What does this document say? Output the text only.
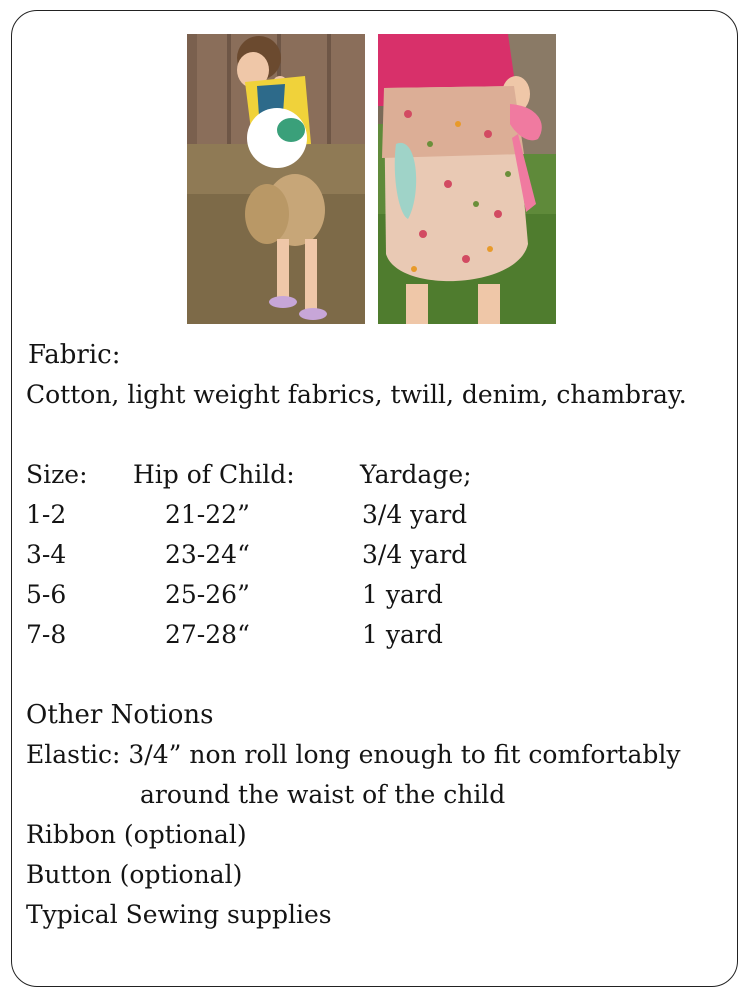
Fabric:
Cotton, light weight fabrics, twill, denim, chambray.
Size: Hip of Child:	Yardage;
1-2	21-22”	3/4 yard
3-4	23-24“	3/4 yard
5-6	25-26”	1 yard
7-8	27-28“	1 yard
Other Notions
Elastic: 3/4” non roll long enough to fit comfortably
around the waist of the child
Ribbon (optional)
Button (optional)
Typical Sewing supplies
